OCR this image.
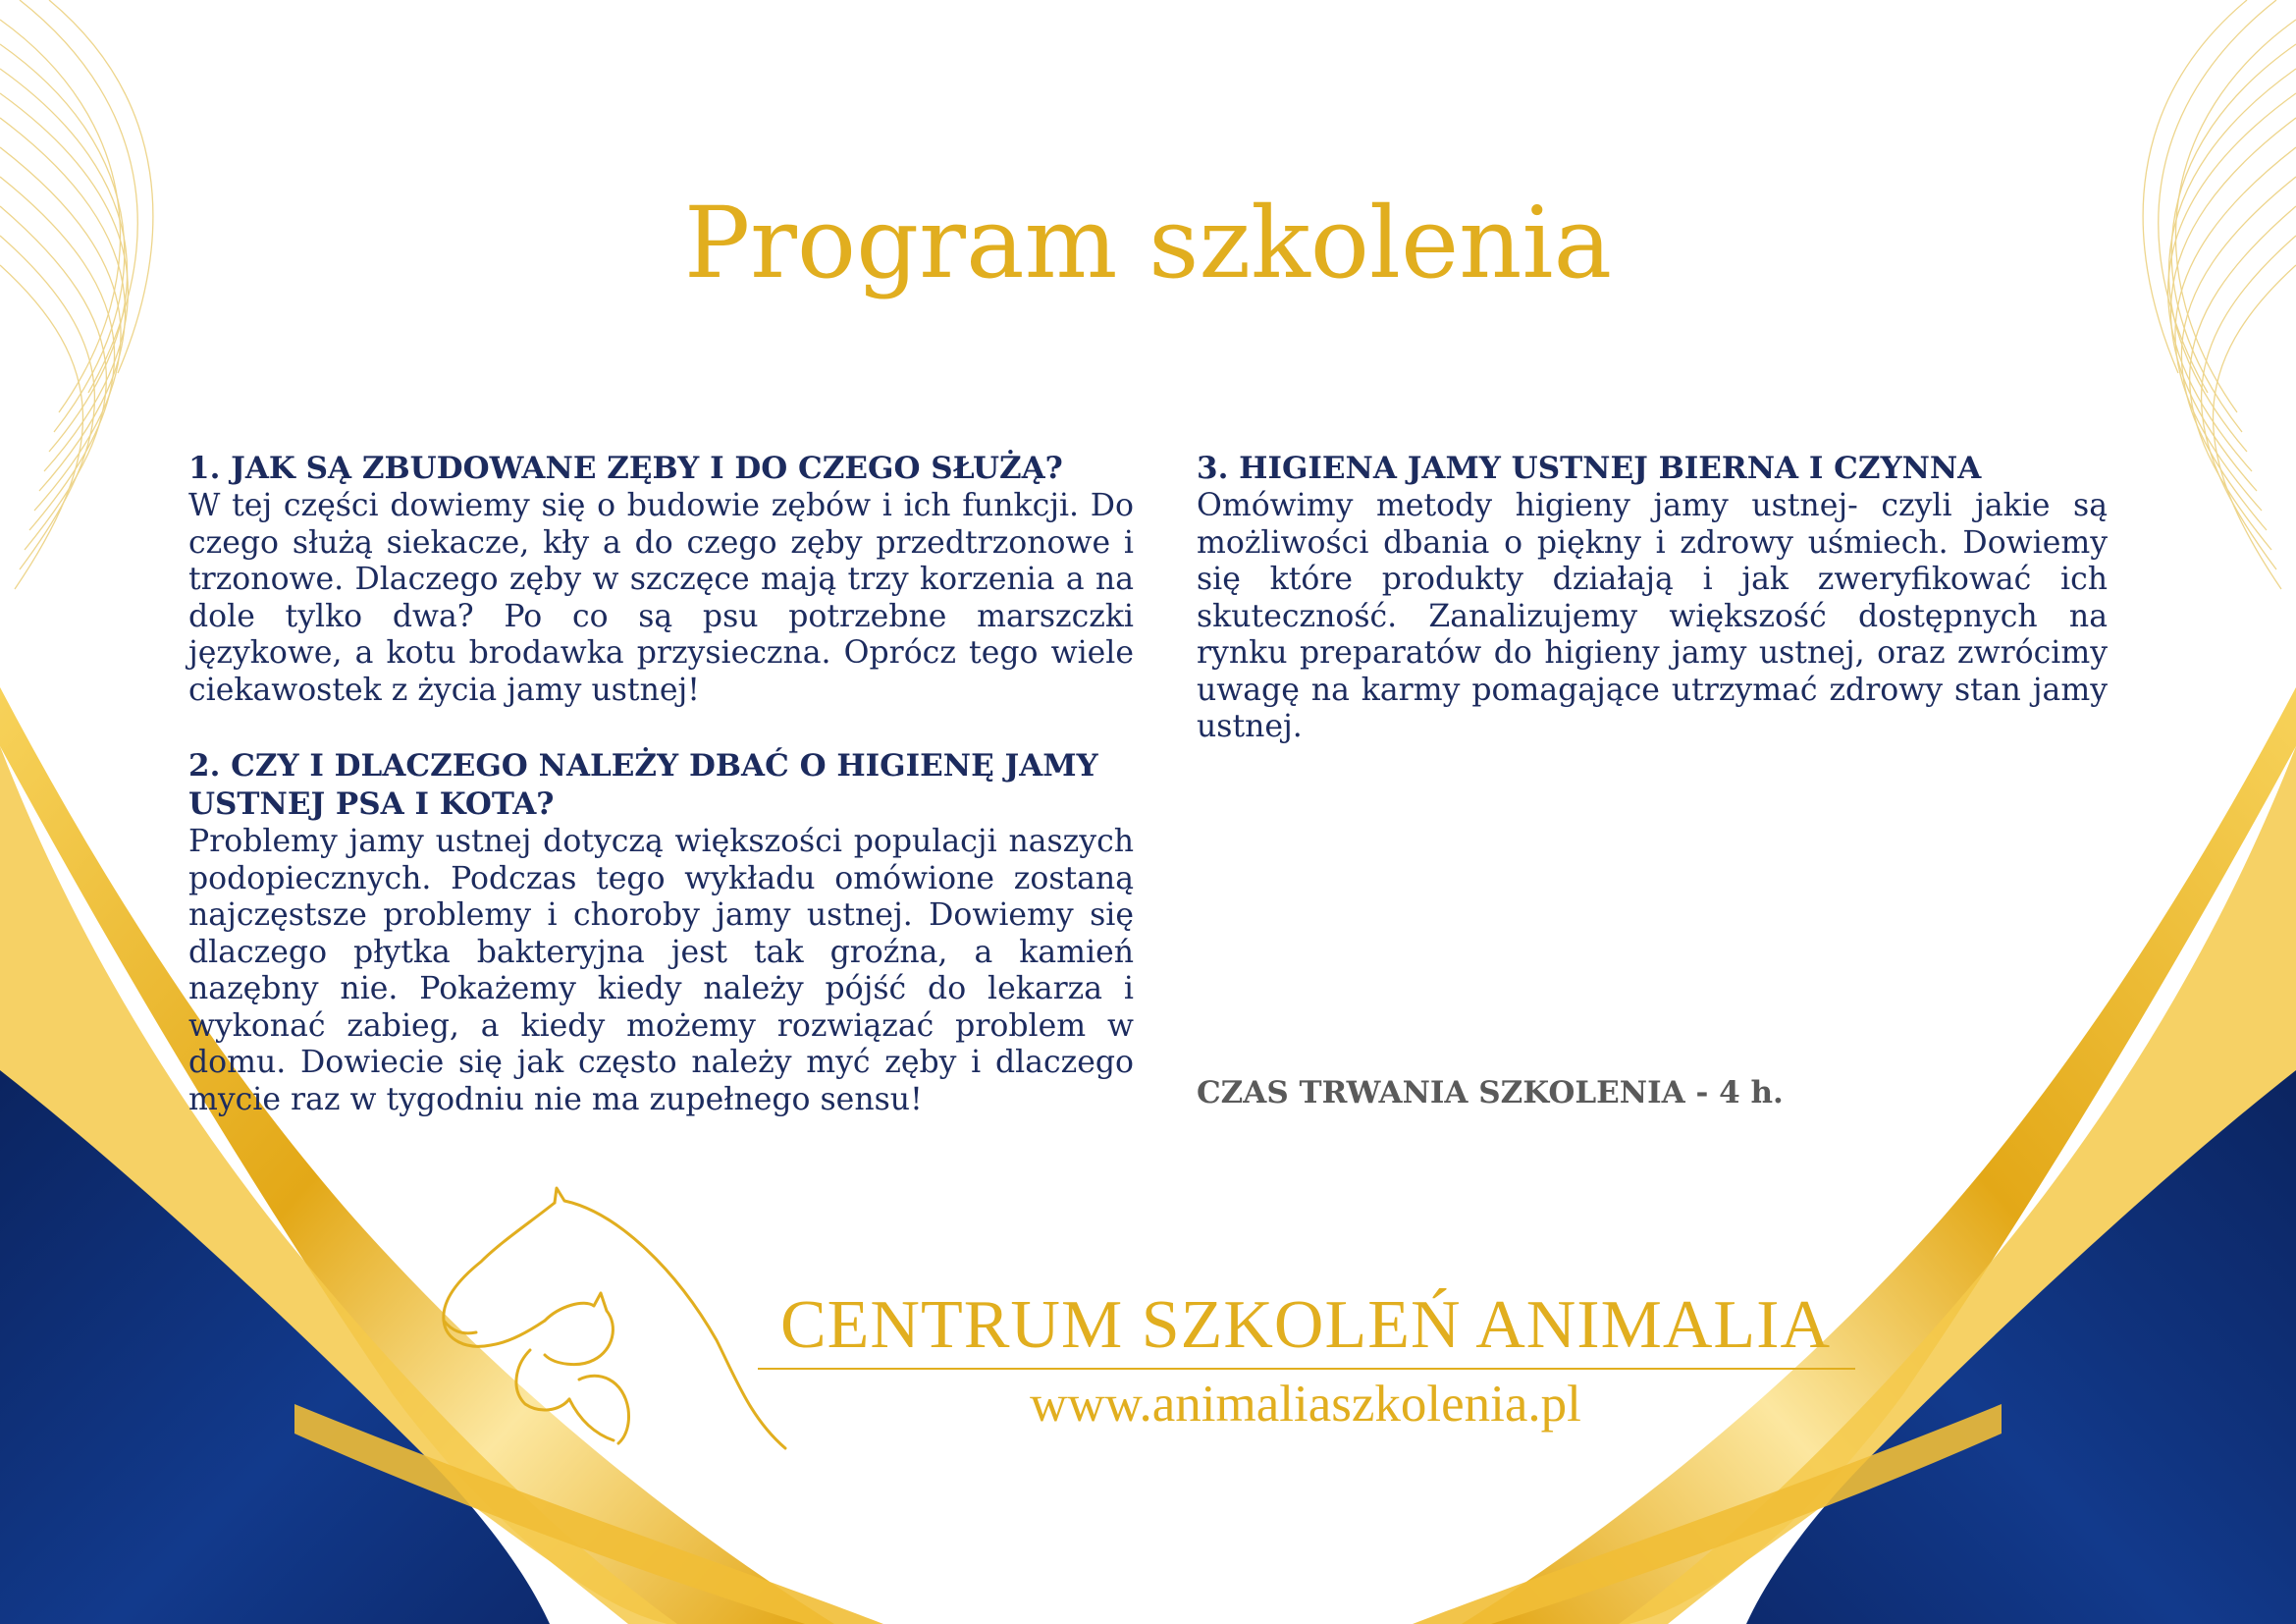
Program szkolenia
1. JAK SĄ ZBUDOWANE ZĘBY I DO CZEGO SŁUŻĄ?

W tej części dowiemy się o budowie zębów i ich funkcji. Do czego służą siekacze, kły a do czego zęby przedtrzonowe i trzonowe. Dlaczego zęby w szczęce mają trzy korzenia a na dole tylko dwa? Po co są psu potrzebne marszczki językowe, a kotu brodawka przysieczna. Oprócz tego wiele ciekawostek z życia jamy ustnej!

2. CZY I DLACZEGO NALEŻY DBAĆ O HIGIENĘ JAMY USTNEJ PSA I KOTA?

Problemy jamy ustnej dotyczą większości populacji naszych podopiecznych. Podczas tego wykładu omówione zostaną najczęstsze problemy i choroby jamy ustnej. Dowiemy się dlaczego płytka bakteryjna jest tak groźna, a kamień nazębny nie. Pokażemy kiedy należy pójść do lekarza i wykonać zabieg, a kiedy możemy rozwiązać problem w domu. Dowiecie się jak często należy myć zęby i dlaczego mycie raz w tygodniu nie ma zupełnego sensu!

3. HIGIENA JAMY USTNEJ BIERNA I CZYNNA

Omówimy metody higieny jamy ustnej- czyli jakie są możliwości dbania o piękny i zdrowy uśmiech. Dowiemy się które produkty działają i jak zweryfikować ich skuteczność. Zanalizujemy większość dostępnych na rynku preparatów do higieny jamy ustnej, oraz zwrócimy uwagę na karmy pomagające utrzymać zdrowy stan jamy ustnej.

CZAS TRWANIA SZKOLENIA - 4 h.
CENTRUM SZKOLEŃ ANIMALIA
www.animaliaszkolenia.pl
